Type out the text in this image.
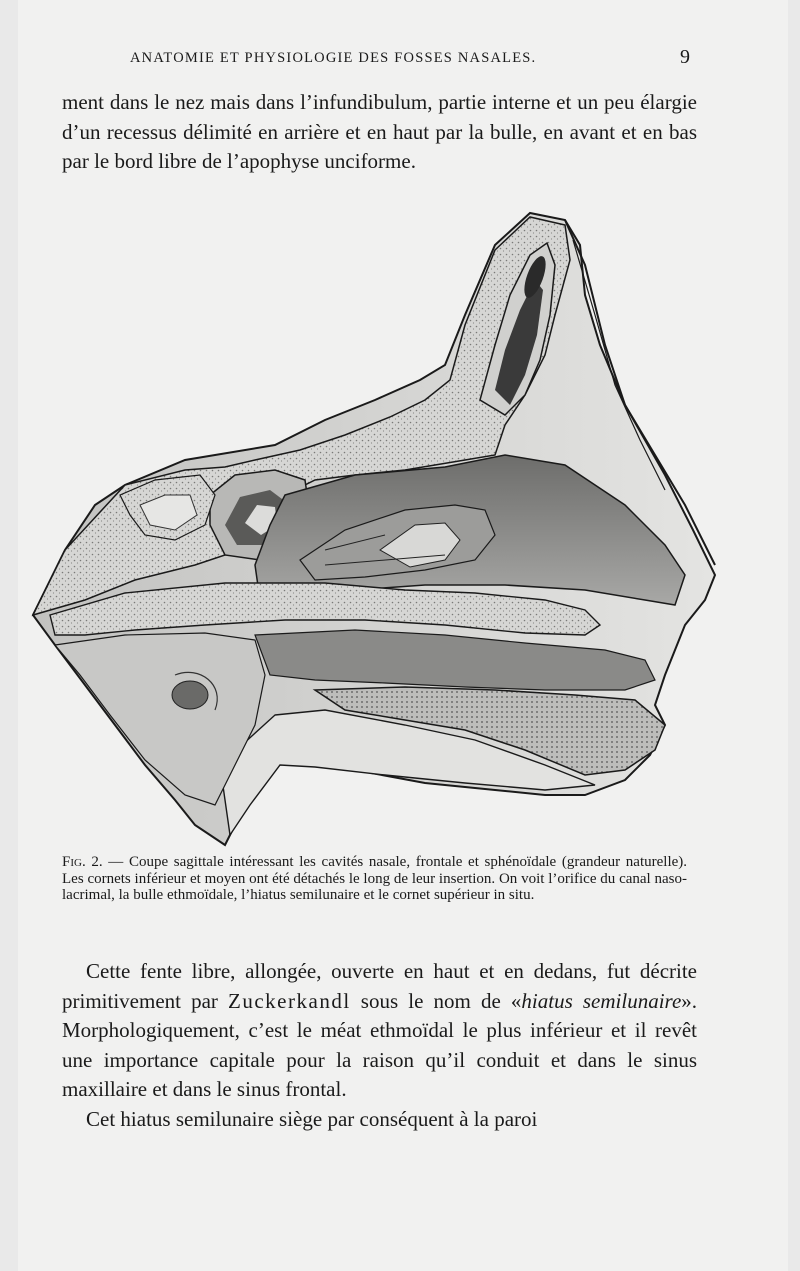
ANATOMIE ET PHYSIOLOGIE DES FOSSES NASALES.	9

ment dans le nez mais dans l’infundibulum, partie interne et un peu élargie d’un recessus délimité en arrière et en haut par la bulle, en avant et en bas par le bord libre de l’apophyse unciforme.

Fig. 2. — Coupe sagittale intéressant les cavités nasale, frontale et sphénoïdale (grandeur naturelle). Les cornets inférieur et moyen ont été détachés le long de leur insertion. On voit l’orifice du canal naso-lacrimal, la bulle ethmoïdale, l’hiatus semilunaire et le cornet supérieur in situ.

Cette fente libre, allongée, ouverte en haut et en dedans, fut décrite primitivement par Zuckerkandl sous le nom de «hiatus semilunaire». Morphologiquement, c’est le méat ethmoïdal le plus inférieur et il revêt une importance capitale pour la raison qu’il conduit et dans le sinus maxillaire et dans le sinus frontal.

Cet hiatus semilunaire siège par conséquent à la paroi
